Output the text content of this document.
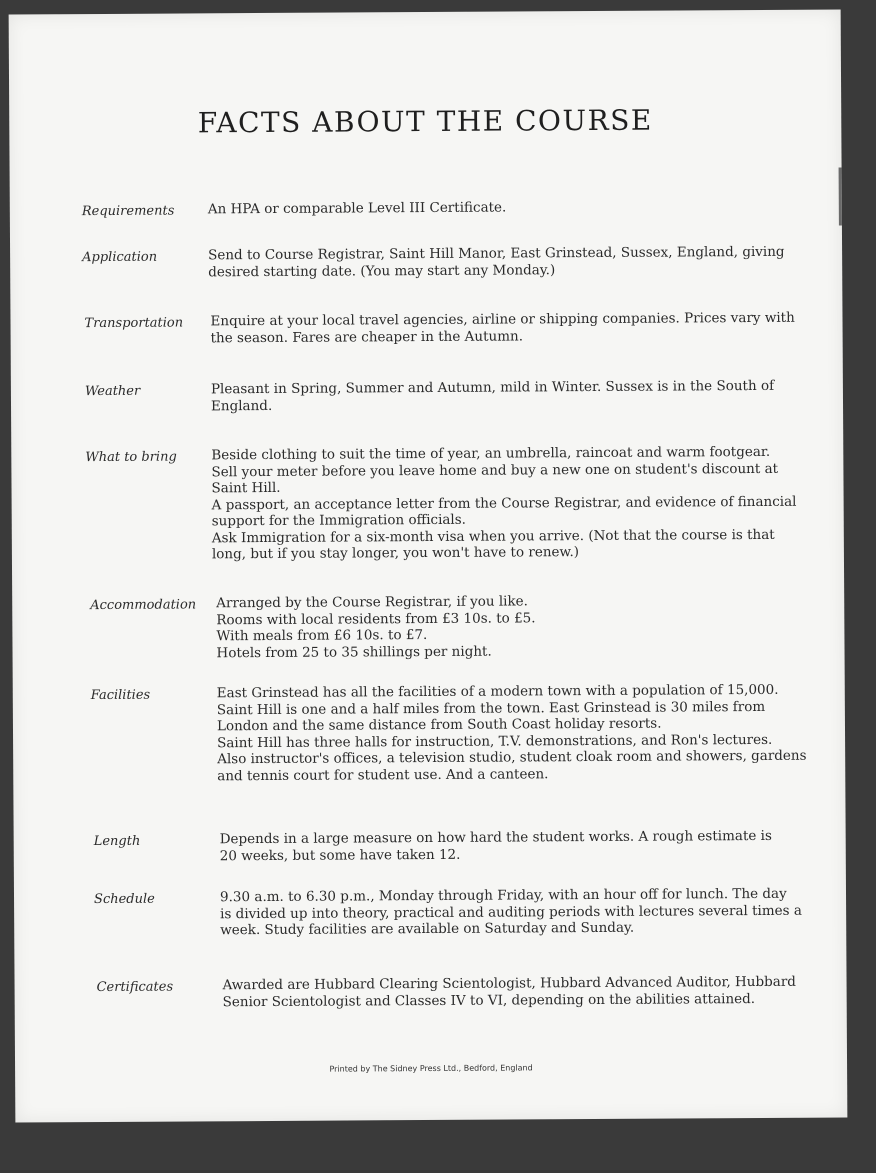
FACTS ABOUT THE COURSE
Requirements	An HPA or comparable Level III Certificate.
Application	Send to Course Registrar, Saint Hill Manor, East Grinstead, Sussex, England, giving
desired starting date. (You may start any Monday.)
Transportation	Enquire at your local travel agencies, airline or shipping companies. Prices vary with
the season. Fares are cheaper in the Autumn.
Weather	Pleasant in Spring, Summer and Autumn, mild in Winter. Sussex is in the South of
England.
What to bring	Beside clothing to suit the time of year, an umbrella, raincoat and warm footgear.
Sell your meter before you leave home and buy a new one on student's discount at
Saint Hill.
A passport, an acceptance letter from the Course Registrar, and evidence of financial
support for the Immigration officials.
Ask Immigration for a six-month visa when you arrive. (Not that the course is that
long, but if you stay longer, you won't have to renew.)
Accommodation	Arranged by the Course Registrar, if you like.
Rooms with local residents from £3 10s. to £5.
With meals from £6 10s. to £7.
Hotels from 25 to 35 shillings per night.
Facilities	East Grinstead has all the facilities of a modern town with a population of 15,000.
Saint Hill is one and a half miles from the town. East Grinstead is 30 miles from
London and the same distance from South Coast holiday resorts.
Saint Hill has three halls for instruction, T.V. demonstrations, and Ron's lectures.
Also instructor's offices, a television studio, student cloak room and showers, gardens
and tennis court for student use. And a canteen.
Length	Depends in a large measure on how hard the student works. A rough estimate is
20 weeks, but some have taken 12.
Schedule	9.30 a.m. to 6.30 p.m., Monday through Friday, with an hour off for lunch. The day
is divided up into theory, practical and auditing periods with lectures several times a
week. Study facilities are available on Saturday and Sunday.
Certificates	Awarded are Hubbard Clearing Scientologist, Hubbard Advanced Auditor, Hubbard
Senior Scientologist and Classes IV to VI, depending on the abilities attained.
Printed by The Sidney Press Ltd., Bedford, England
